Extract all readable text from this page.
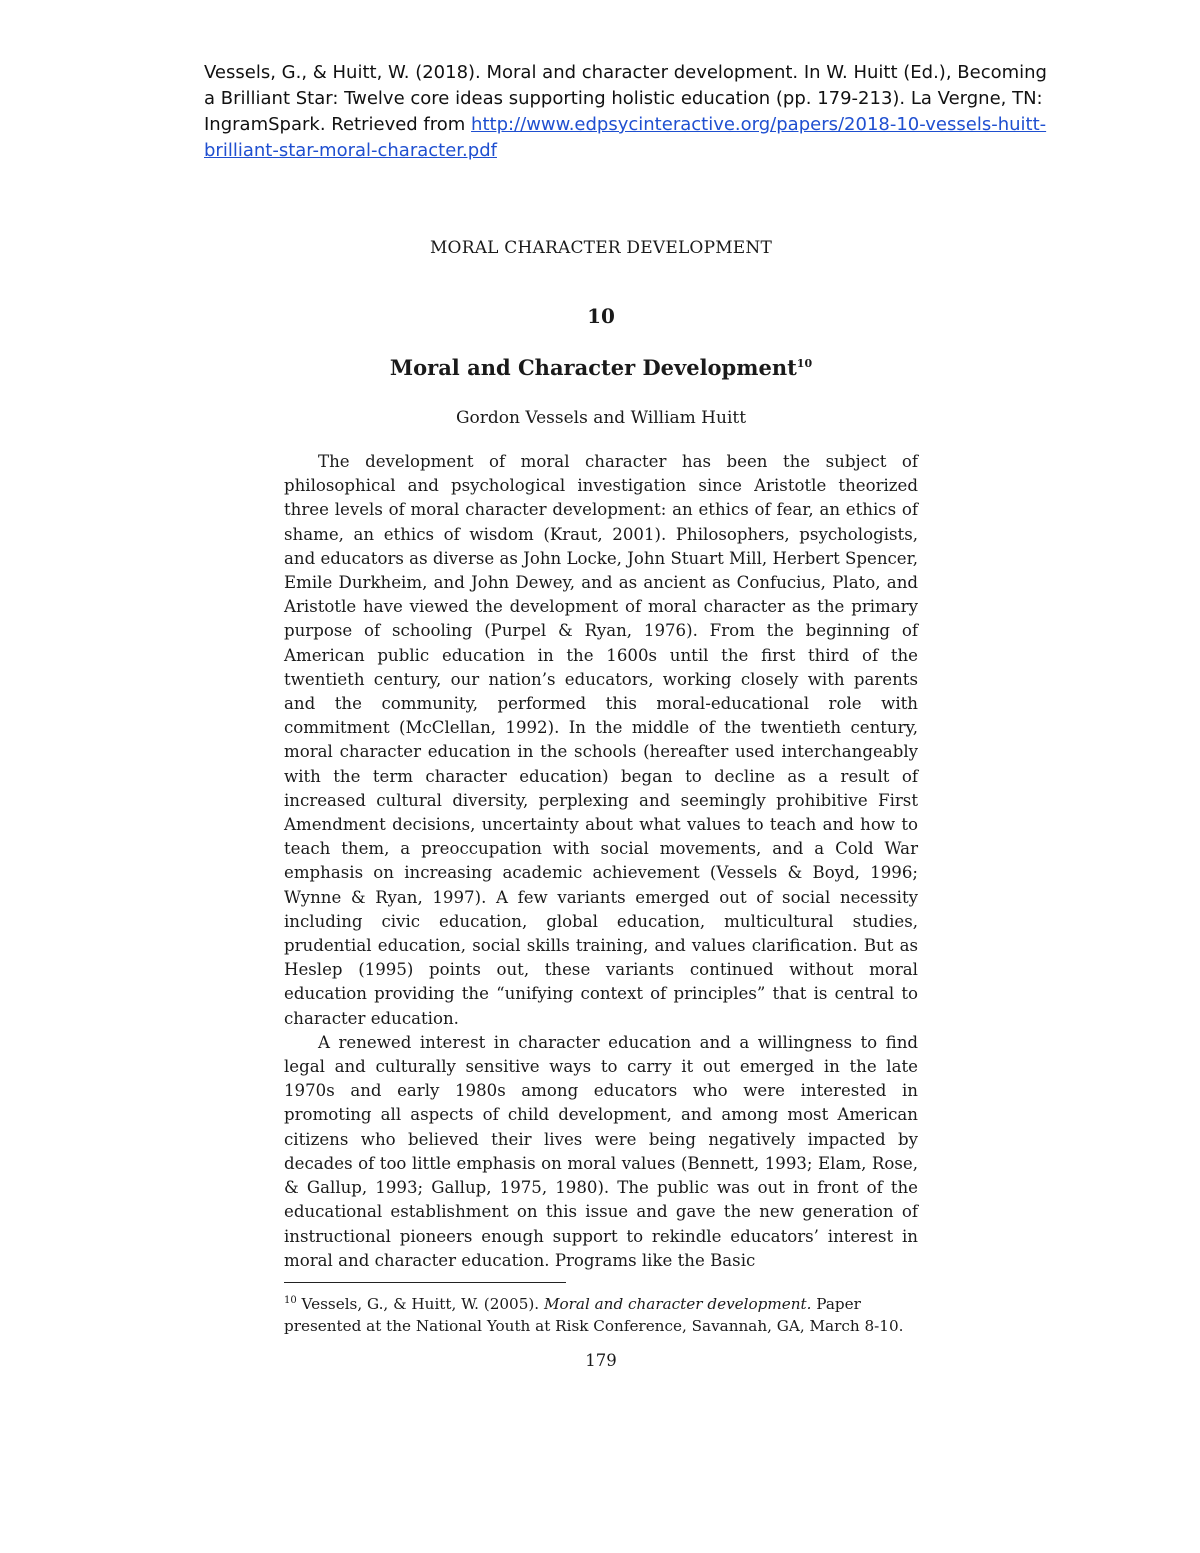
Vessels, G., & Huitt, W. (2018). Moral and character development. In W. Huitt (Ed.), Becoming a Brilliant Star: Twelve core ideas supporting holistic education (pp. 179-213). La Vergne, TN: IngramSpark. Retrieved from http://www.edpsycinteractive.org/papers/2018-10-vessels-huitt-brilliant-star-moral-character.pdf

MORAL CHARACTER DEVELOPMENT

10

Moral and Character Development$^{10}$

Gordon Vessels and William Huitt

The development of moral character has been the subject of philosophical and psychological investigation since Aristotle theorized three levels of moral character development: an ethics of fear, an ethics of shame, an ethics of wisdom (Kraut, 2001). Philosophers, psychologists, and educators as diverse as John Locke, John Stuart Mill, Herbert Spencer, Emile Durkheim, and John Dewey, and as ancient as Confucius, Plato, and Aristotle have viewed the development of moral character as the primary purpose of schooling (Purpel & Ryan, 1976). From the beginning of American public education in the 1600s until the first third of the twentieth century, our nation’s educators, working closely with parents and the community, performed this moral-educational role with commitment (McClellan, 1992). In the middle of the twentieth century, moral character education in the schools (hereafter used interchangeably with the term character education) began to decline as a result of increased cultural diversity, perplexing and seemingly prohibitive First Amendment decisions, uncertainty about what values to teach and how to teach them, a preoccupation with social movements, and a Cold War emphasis on increasing academic achievement (Vessels & Boyd, 1996; Wynne & Ryan, 1997). A few variants emerged out of social necessity including civic education, global education, multicultural studies, prudential education, social skills training, and values clarification. But as Heslep (1995) points out, these variants continued without moral education providing the “unifying context of principles” that is central to character education.

A renewed interest in character education and a willingness to find legal and culturally sensitive ways to carry it out emerged in the late 1970s and early 1980s among educators who were interested in promoting all aspects of child development, and among most American citizens who believed their lives were being negatively impacted by decades of too little emphasis on moral values (Bennett, 1993; Elam, Rose, & Gallup, 1993; Gallup, 1975, 1980). The public was out in front of the educational establishment on this issue and gave the new generation of instructional pioneers enough support to rekindle educators’ interest in moral and character education. Programs like the Basic

$^{10}$ Vessels, G., & Huitt, W. (2005). Moral and character development. Paper presented at the National Youth at Risk Conference, Savannah, GA, March 8-10.

179
